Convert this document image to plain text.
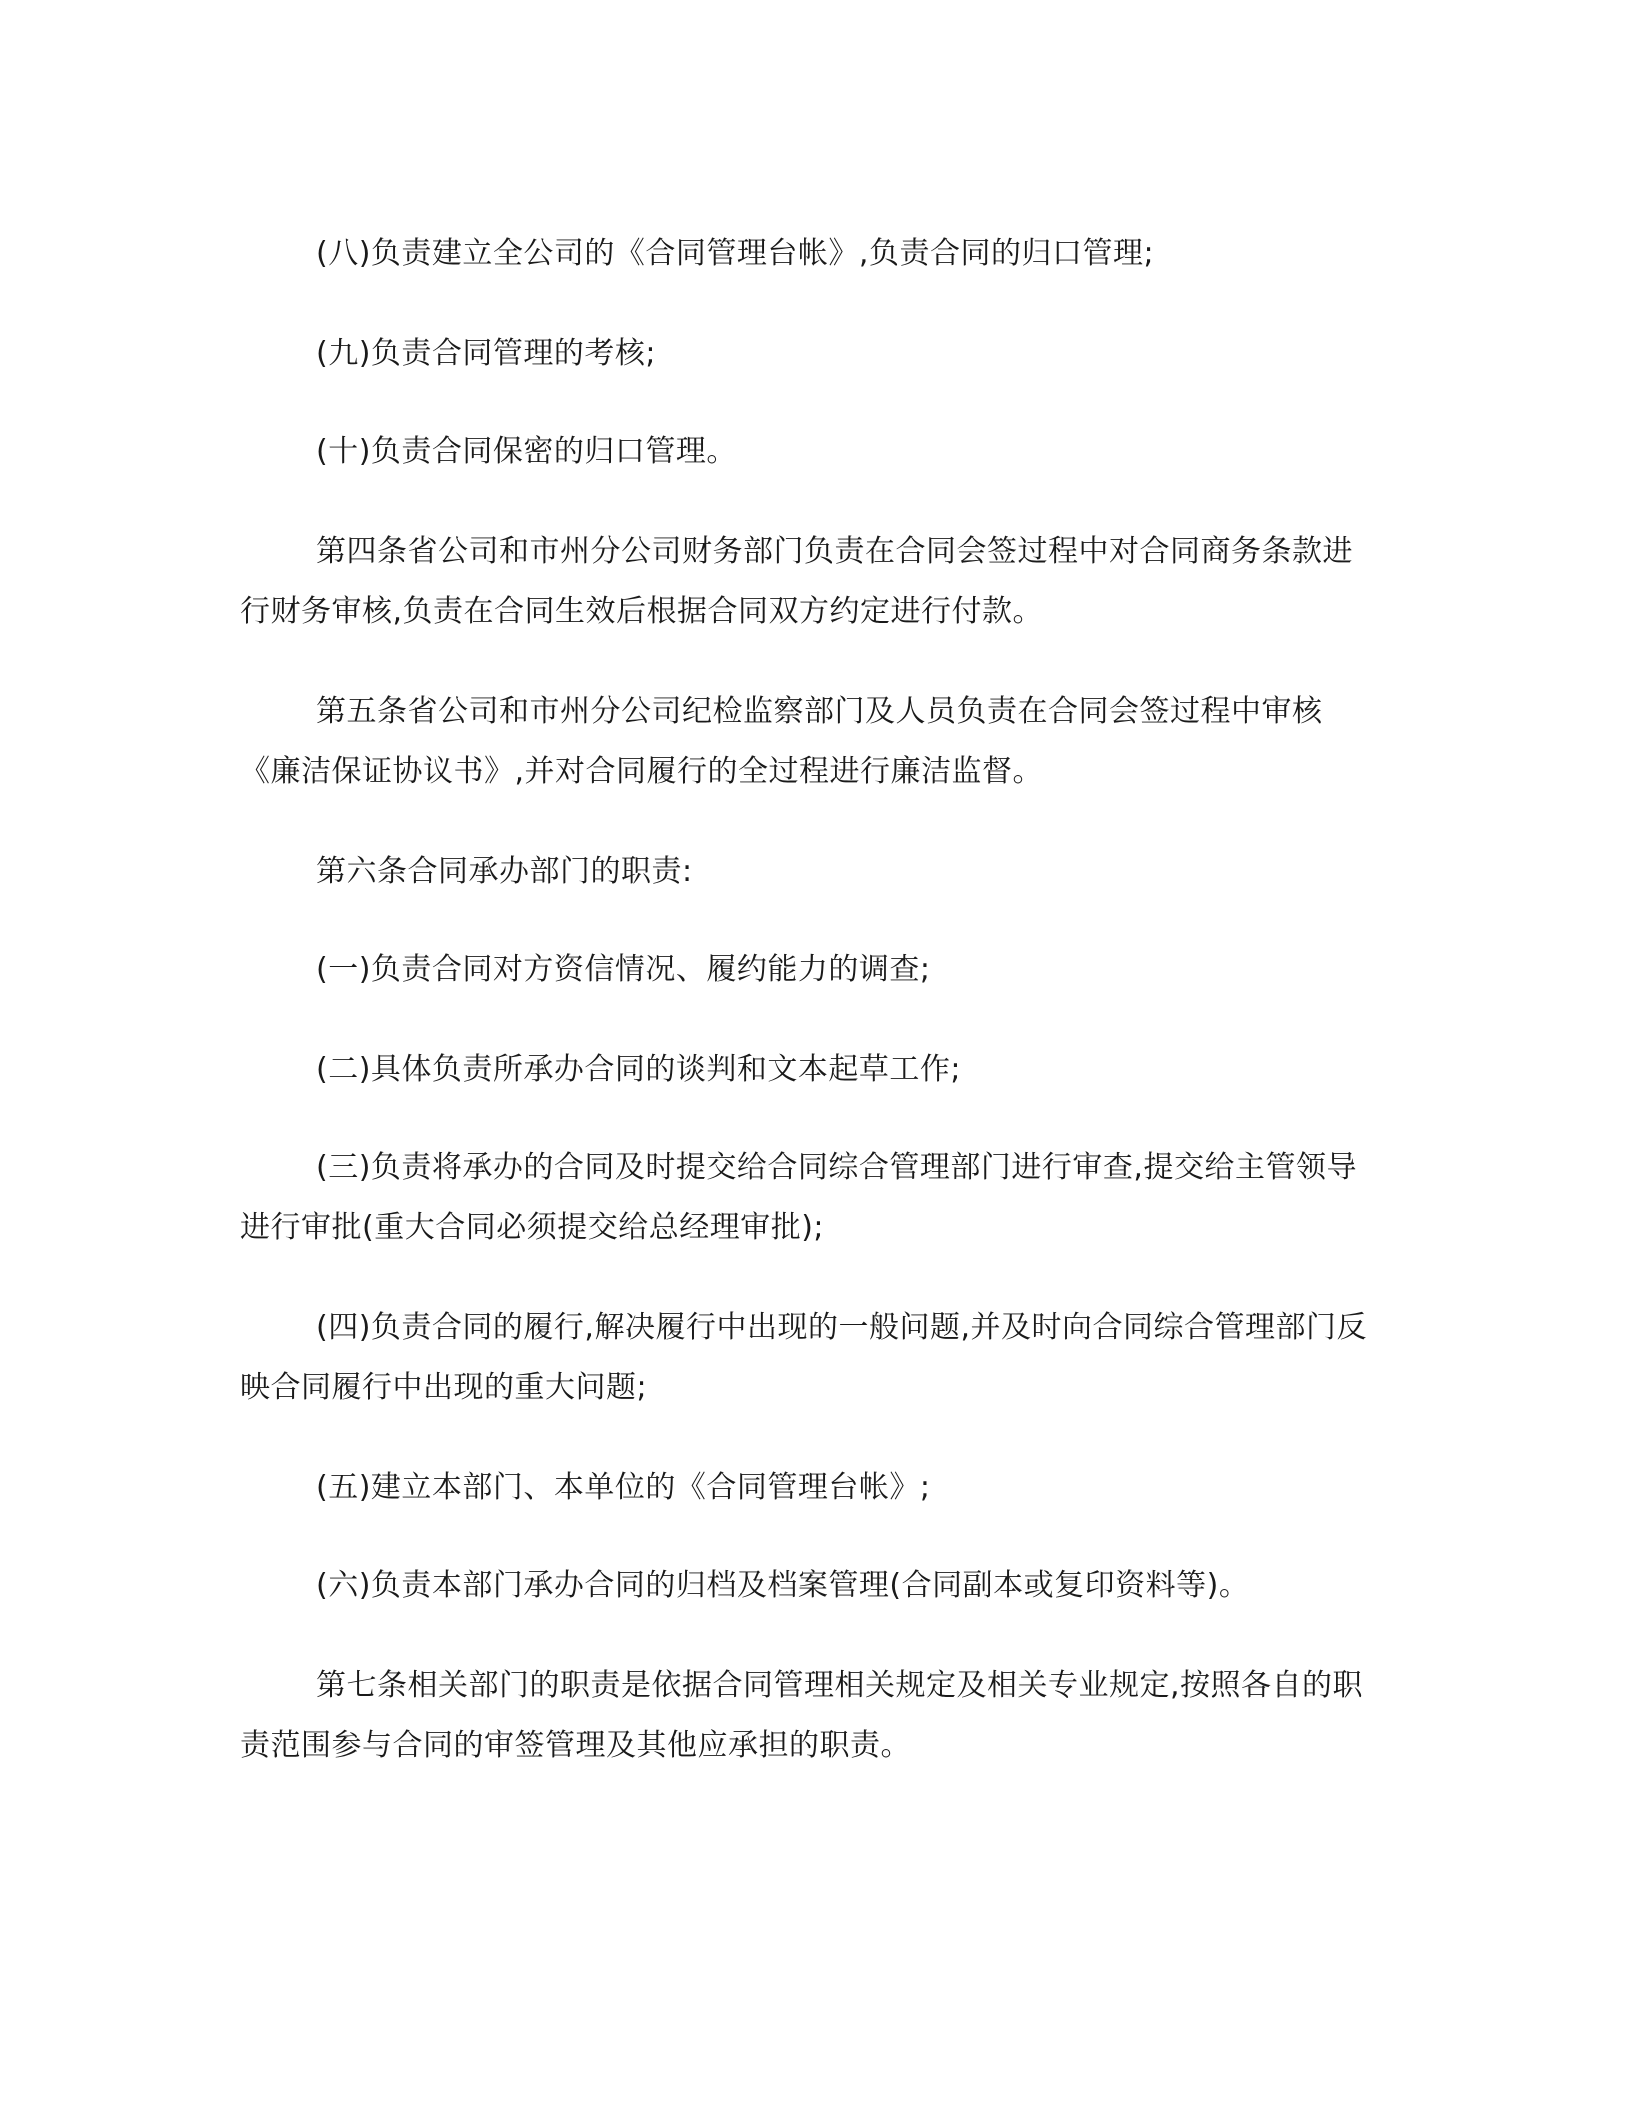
(八)负责建立全公司的《合同管理台帐》,负责合同的归口管理;

(九)负责合同管理的考核;

(十)负责合同保密的归口管理。

第四条省公司和市州分公司财务部门负责在合同会签过程中对合同商务条款进行财务审核,负责在合同生效后根据合同双方约定进行付款。

第五条省公司和市州分公司纪检监察部门及人员负责在合同会签过程中审核《廉洁保证协议书》,并对合同履行的全过程进行廉洁监督。

第六条合同承办部门的职责:

(一)负责合同对方资信情况、履约能力的调查;

(二)具体负责所承办合同的谈判和文本起草工作;

(三)负责将承办的合同及时提交给合同综合管理部门进行审查,提交给主管领导进行审批(重大合同必须提交给总经理审批);

(四)负责合同的履行,解决履行中出现的一般问题,并及时向合同综合管理部门反映合同履行中出现的重大问题;

(五)建立本部门、本单位的《合同管理台帐》;

(六)负责本部门承办合同的归档及档案管理(合同副本或复印资料等)。

第七条相关部门的职责是依据合同管理相关规定及相关专业规定,按照各自的职责范围参与合同的审签管理及其他应承担的职责。
